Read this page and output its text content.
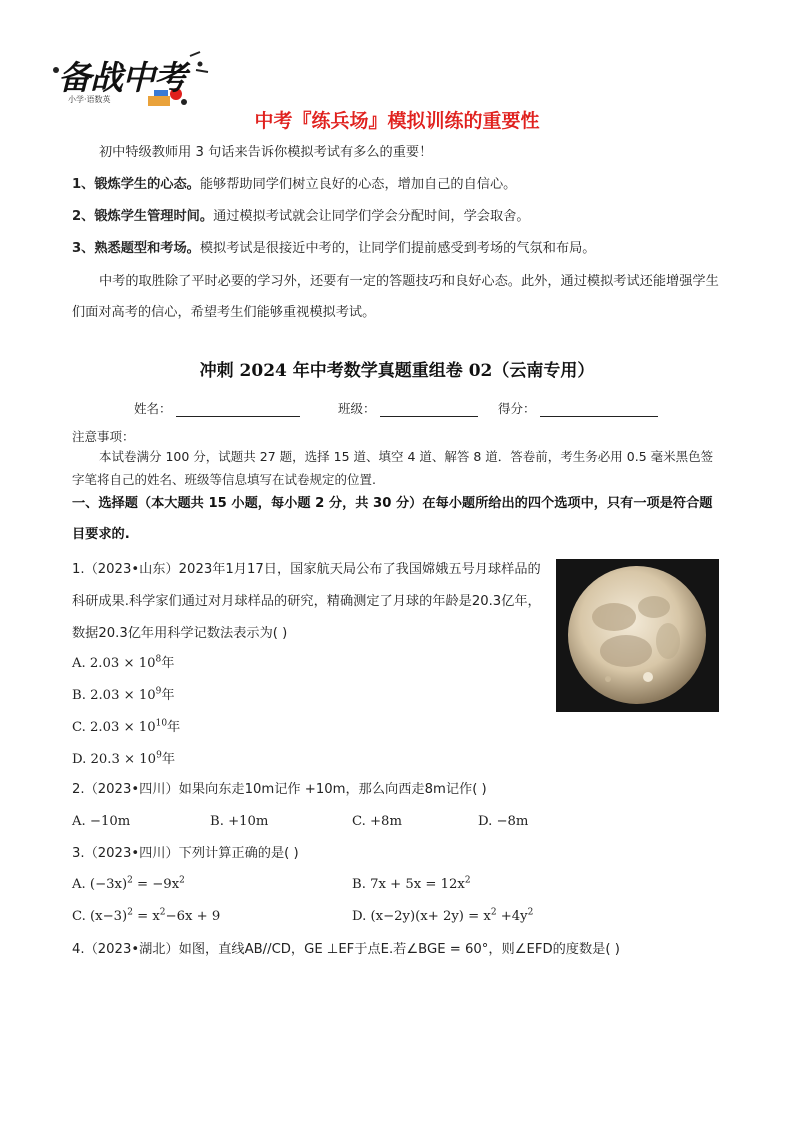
备战中考
小学·语数英
中考『练兵场』模拟训练的重要性
初中特级教师用 3 句话来告诉你模拟考试有多么的重要！
1、锻炼学生的心态。能够帮助同学们树立良好的心态，增加自己的自信心。
2、锻炼学生管理时间。通过模拟考试就会让同学们学会分配时间，学会取舍。
3、熟悉题型和考场。模拟考试是很接近中考的，让同学们提前感受到考场的气氛和布局。
中考的取胜除了平时必要的学习外，还要有一定的答题技巧和良好心态。此外，通过模拟考试还能增强学生们面对高考的信心，希望考生们能够重视模拟考试。
冲刺 2024 年中考数学真题重组卷 02（云南专用）
姓名：	班级：	得分：
注意事项：
本试卷满分 100 分，试题共 27 题，选择 15 道、填空 4 道、解答 8 道．答卷前，考生务必用 0.5 毫米黑色签字笔将自己的姓名、班级等信息填写在试卷规定的位置.
一、选择题（本大题共 15 小题，每小题 2 分，共 30 分）在每小题所给出的四个选项中，只有一项是符合题目要求的.
1.（2023•山东）2023年1月17日，国家航天局公布了我国嫦娥五号月球样品的科研成果.科学家们通过对月球样品的研究，精确测定了月球的年龄是20.3亿年，数据20.3亿年用科学记数法表示为( )
A. $2.03 \times 10^8$年
B. $2.03 \times 10^9$年
C. $2.03 \times 10^{10}$年
D. $20.3 \times 10^9$年
2.（2023•四川）如果向东走10m记作 +10m，那么向西走8m记作( )
A. −10m	B. +10m	C. +8m	D. −8m
3.（2023•四川）下列计算正确的是( )
A. $(-3x)^2 = -9x^2$	B. $7x + 5x = 12x^2$
C. $(x-3)^2 = x^2-6x + 9$	D. $(x-2y)(x+ 2y) = x^2 +4y^2$
4.（2023•湖北）如图，直线AB//CD，GE ⊥EF于点E.若∠BGE = 60°，则∠EFD的度数是( )
